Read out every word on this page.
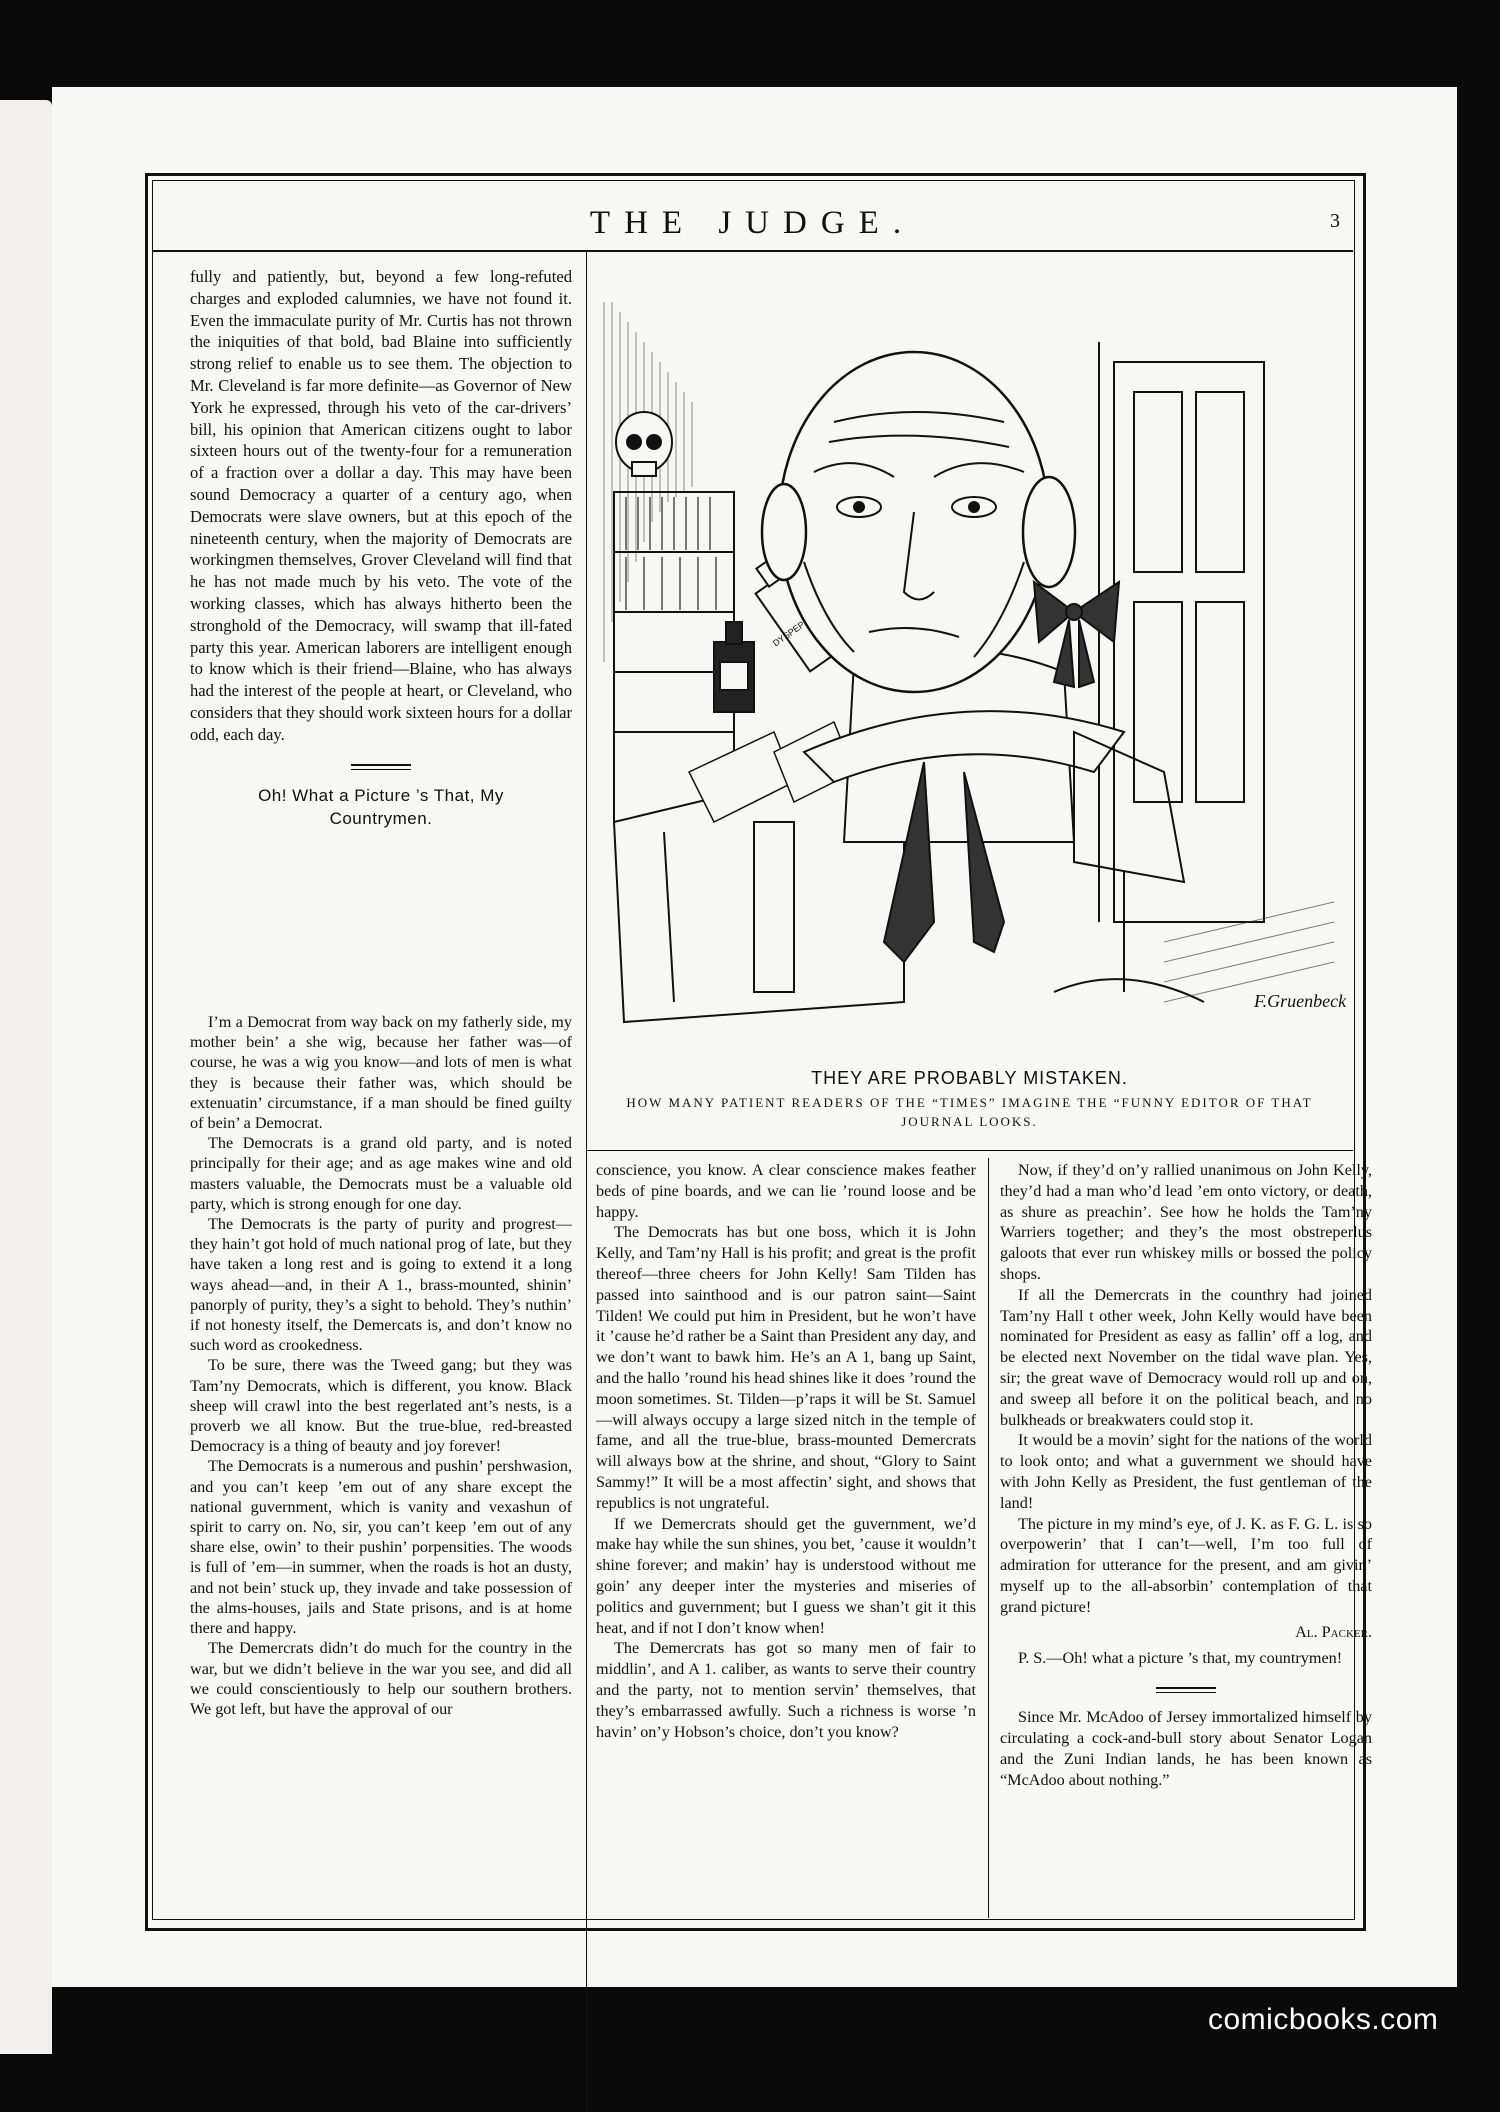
THE JUDGE.	3

fully and patiently, but, beyond a few long-refuted charges and exploded calumnies, we have not found it. Even the immaculate purity of Mr. Curtis has not thrown the iniquities of that bold, bad Blaine into sufficiently strong relief to enable us to see them. The objection to Mr. Cleveland is far more definite—as Governor of New York he expressed, through his veto of the car-drivers’ bill, his opinion that American citizens ought to labor sixteen hours out of the twenty-four for a remuneration of a fraction over a dollar a day. This may have been sound Democracy a quarter of a century ago, when Democrats were slave owners, but at this epoch of the nineteenth century, when the majority of Democrats are workingmen themselves, Grover Cleveland will find that he has not made much by his veto. The vote of the working classes, which has always hitherto been the stronghold of the Democracy, will swamp that ill-fated party this year. American laborers are intelligent enough to know which is their friend—Blaine, who has always had the interest of the people at heart, or Cleveland, who considers that they should work sixteen hours for a dollar odd, each day.

Oh! What a Picture ’s That, My Countrymen.

I’m a Democrat from way back on my fatherly side, my mother bein’ a she wig, because her father was—of course, he was a wig you know—and lots of men is what they is because their father was, which should be extenuatin’ circumstance, if a man should be fined guilty of bein’ a Democrat.

The Democrats is a grand old party, and is noted principally for their age; and as age makes wine and old masters valuable, the Democrats must be a valuable old party, which is strong enough for one day.

The Democrats is the party of purity and progrest—they hain’t got hold of much national prog of late, but they have taken a long rest and is going to extend it a long ways ahead—and, in their A 1., brass-mounted, shinin’ panorply of purity, they’s a sight to behold. They’s nuthin’ if not honesty itself, the Demercats is, and don’t know no such word as crookedness.

To be sure, there was the Tweed gang; but they was Tam’ny Democrats, which is different, you know. Black sheep will crawl into the best regerlated ant’s nests, is a proverb we all know. But the true-blue, red-breasted Democracy is a thing of beauty and joy forever!

The Democrats is a numerous and pushin’ pershwasion, and you can’t keep ’em out of any share except the national guvernment, which is vanity and vexashun of spirit to carry on. No, sir, you can’t keep ’em out of any share else, owin’ to their pushin’ porpensities. The woods is full of ’em—in summer, when the roads is hot an dusty, and not bein’ stuck up, they invade and take possession of the alms-houses, jails and State prisons, and is at home there and happy.

The Demercrats didn’t do much for the country in the war, but we didn’t believe in the war you see, and did all we could conscientiously to help our southern brothers. We got left, but have the approval of our

DYSPEPSIA
F.Gruenbeck
THEY ARE PROBABLY MISTAKEN.
HOW MANY PATIENT READERS OF THE “TIMES” IMAGINE THE “FUNNY EDITOR OF THAT JOURNAL LOOKS.

conscience, you know. A clear conscience makes feather beds of pine boards, and we can lie ’round loose and be happy.

The Democrats has but one boss, which it is John Kelly, and Tam’ny Hall is his profit; and great is the profit thereof—three cheers for John Kelly! Sam Tilden has passed into sainthood and is our patron saint—Saint Tilden! We could put him in President, but he won’t have it ’cause he’d rather be a Saint than President any day, and we don’t want to bawk him. He’s an A 1, bang up Saint, and the hallo ’round his head shines like it does ’round the moon sometimes. St. Tilden—p’raps it will be St. Samuel—will always occupy a large sized nitch in the temple of fame, and all the true-blue, brass-mounted Demercrats will always bow at the shrine, and shout, “Glory to Saint Sammy!” It will be a most affectin’ sight, and shows that republics is not ungrateful.

If we Demercrats should get the guvernment, we’d make hay while the sun shines, you bet, ’cause it wouldn’t shine forever; and makin’ hay is understood without me goin’ any deeper inter the mysteries and miseries of politics and guvernment; but I guess we shan’t git it this heat, and if not I don’t know when!

The Demercrats has got so many men of fair to middlin’, and A 1. caliber, as wants to serve their country and the party, not to mention servin’ themselves, that they’s embarrassed awfully. Such a richness is worse ’n havin’ on’y Hobson’s choice, don’t you know?

Now, if they’d on’y rallied unanimous on John Kelly, they’d had a man who’d lead ’em onto victory, or death, as shure as preachin’. See how he holds the Tam’ny Warriers together; and they’s the most obstreperlus galoots that ever run whiskey mills or bossed the policy shops.

If all the Demercrats in the counthry had joined Tam’ny Hall t other week, John Kelly would have been nominated for President as easy as fallin’ off a log, and be elected next November on the tidal wave plan. Yes, sir; the great wave of Democracy would roll up and on, and sweep all before it on the political beach, and no bulkheads or breakwaters could stop it.

It would be a movin’ sight for the nations of the world to look onto; and what a guvernment we should have with John Kelly as President, the fust gentleman of the land!

The picture in my mind’s eye, of J. K. as F. G. L. is so overpowerin’ that I can’t—well, I’m too full of admiration for utterance for the present, and am givin’ myself up to the all-absorbin’ contemplation of that grand picture!

Al. Packer.

P. S.—Oh! what a picture ’s that, my countrymen!

Since Mr. McAdoo of Jersey immortalized himself by circulating a cock-and-bull story about Senator Logan and the Zuni Indian lands, he has been known as “McAdoo about nothing.”

comicbooks.com
